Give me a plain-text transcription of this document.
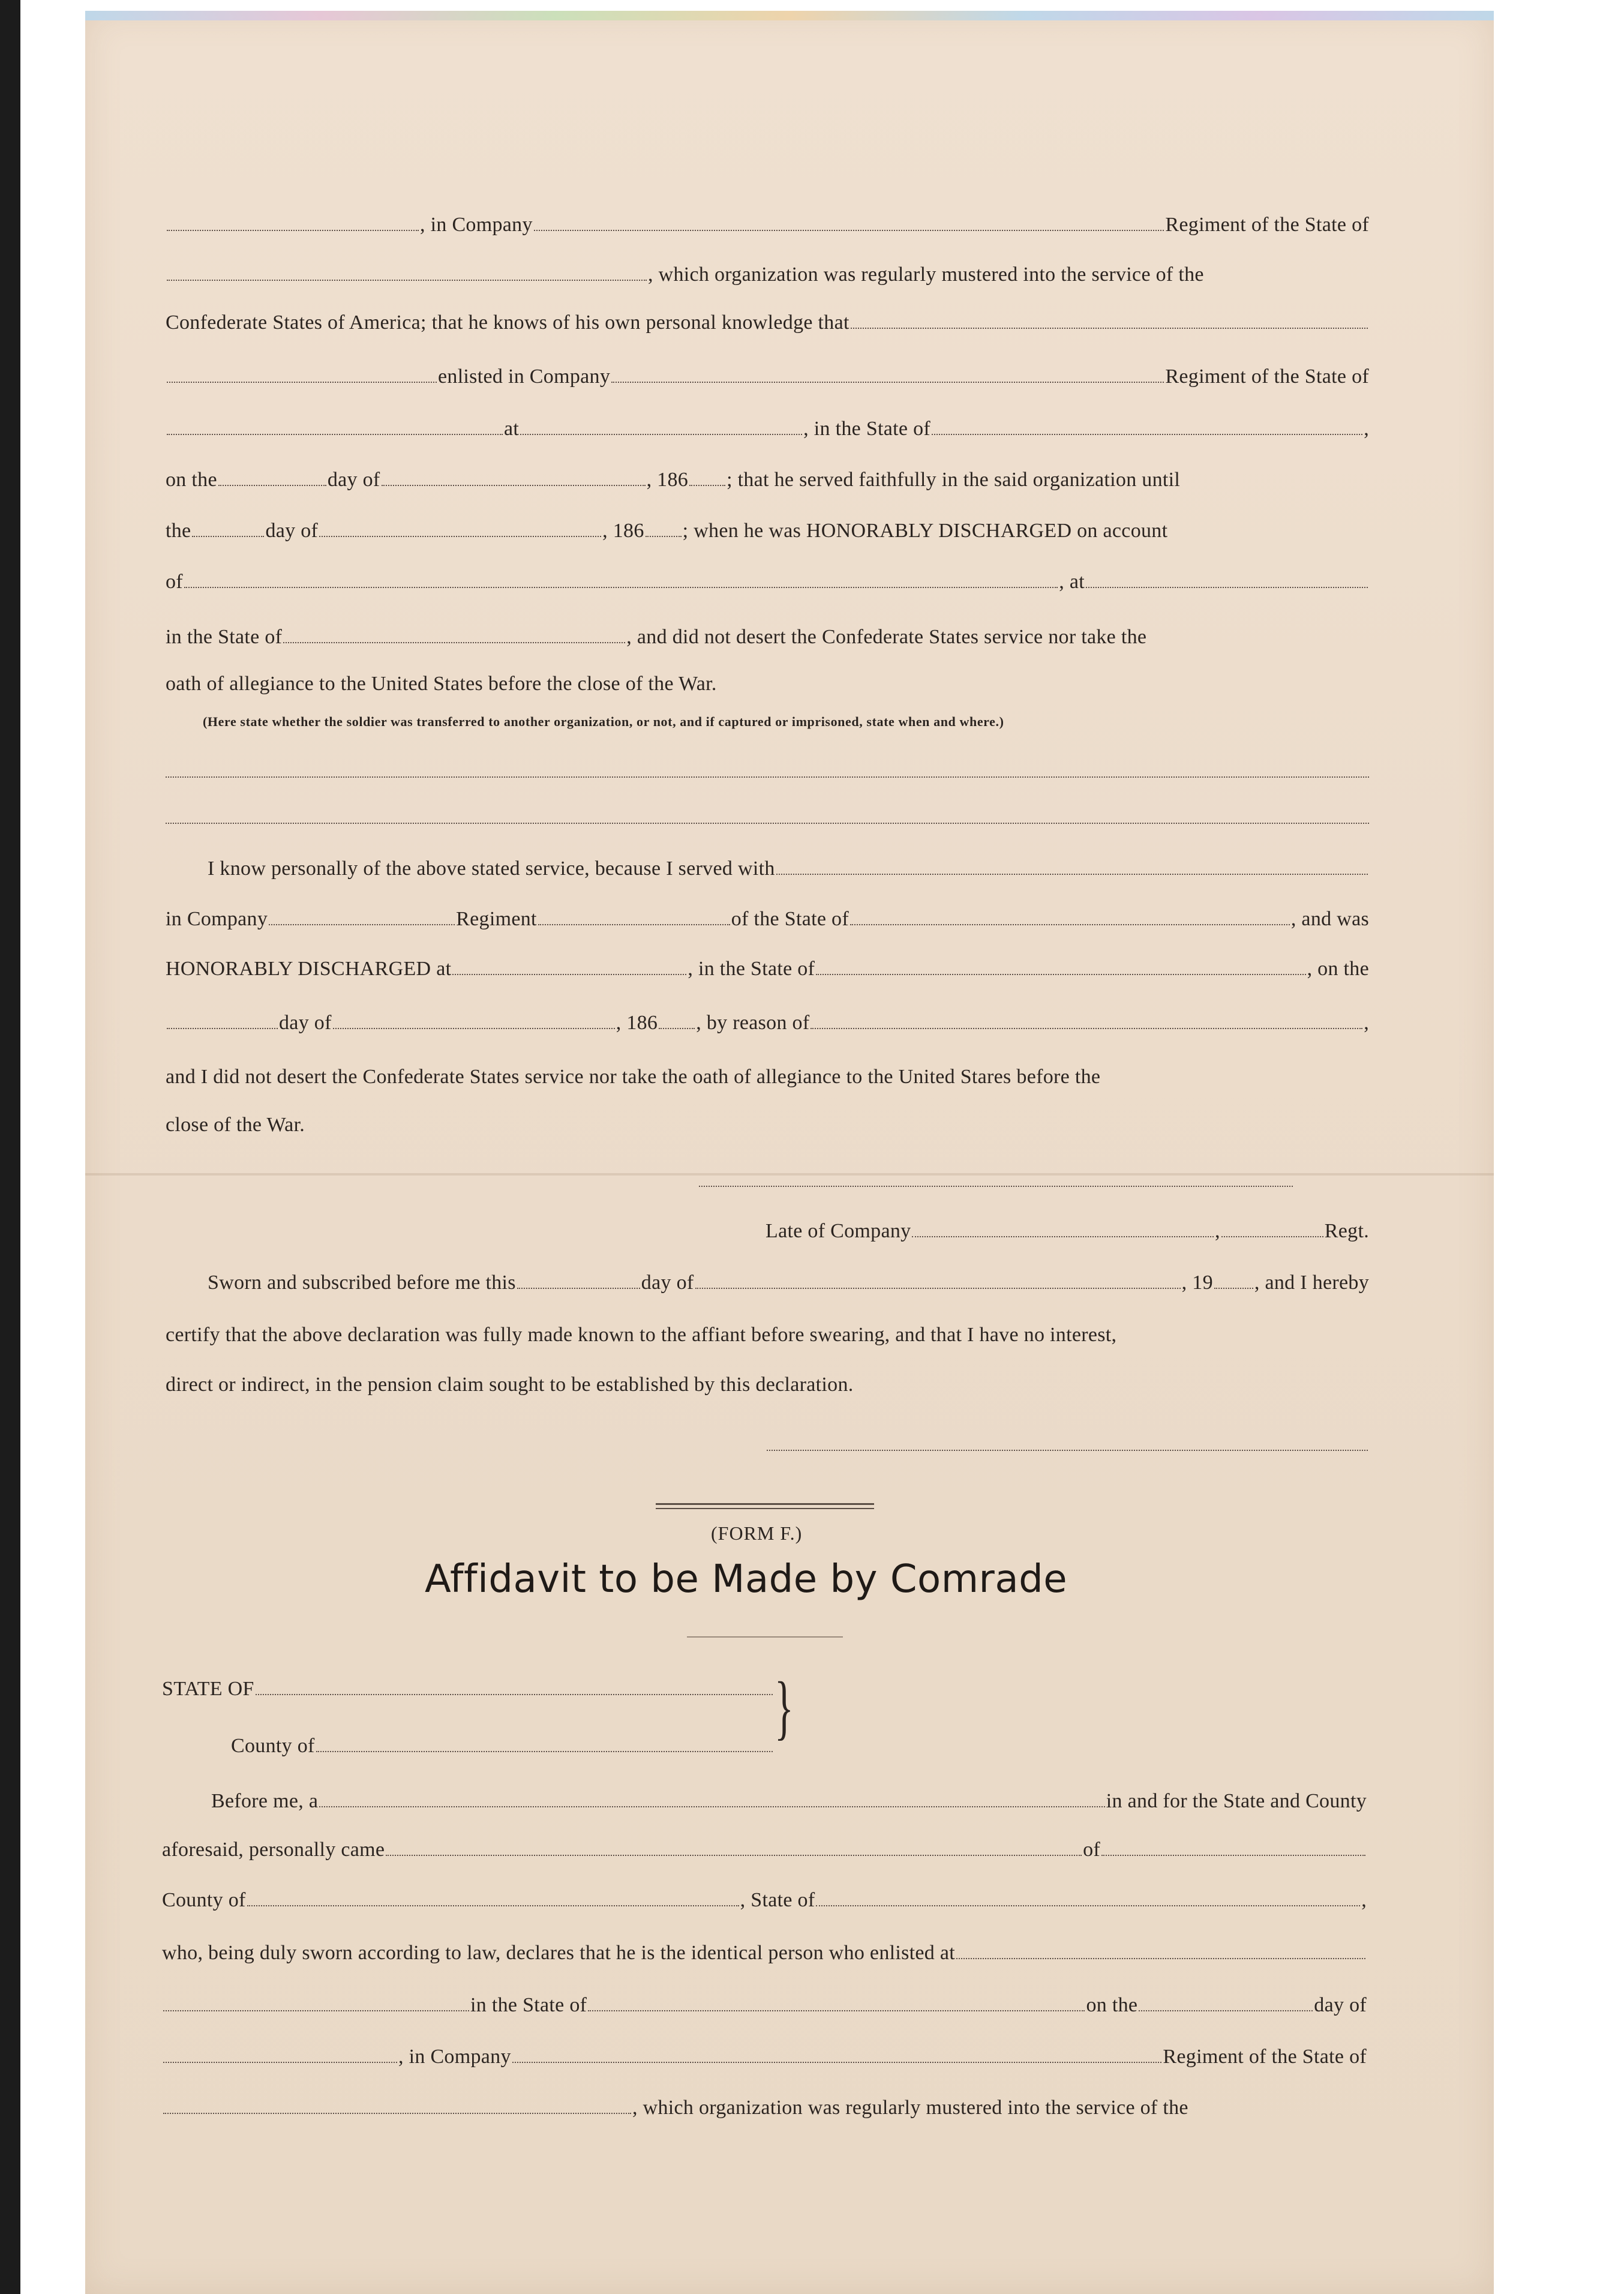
, in Company	Regiment of the State of
, which organization was regularly mustered into the service of the
Confederate States of America; that he knows of his own personal knowledge that
enlisted in Company	Regiment of the State of
at	, in the State of	,
on the	day of	, 186 ; that he served faithfully in the said organization until
the	day of	, 186 ; when he was HONORABLY DISCHARGED on account
of	, at
in the State of	, and did not desert the Confederate States service nor take the
oath of allegiance to the United States before the close of the War.
I know personally of the above stated service, because I served with
in Company	Regiment	of the State of	, and was
HONORABLY DISCHARGED at	, in the State of	, on the
day of	, 186 , by reason of	,
and I did not desert the Confederate States service nor take the oath of allegiance to the United Stares before the
close of the War.
Late of Company	,	Regt.
Sworn and subscribed before me this	day of	, 19 , and I hereby
certify that the above declaration was fully made known to the affiant before swearing, and that I have no interest,
direct or indirect, in the pension claim sought to be established by this declaration.
STATE OF
County of
Before me, a	in and for the State and County
aforesaid, personally came	of
County of	, State of	,
who, being duly sworn according to law, declares that he is the identical person who enlisted at
in the State of	on the	day of
, in Company	Regiment of the State of
, which organization was regularly mustered into the service of the
(Here state whether the soldier was transferred to another organization, or not, and if captured or imprisoned, state when and where.)
(FORM F.)
Affidavit to be Made by Comrade
}
